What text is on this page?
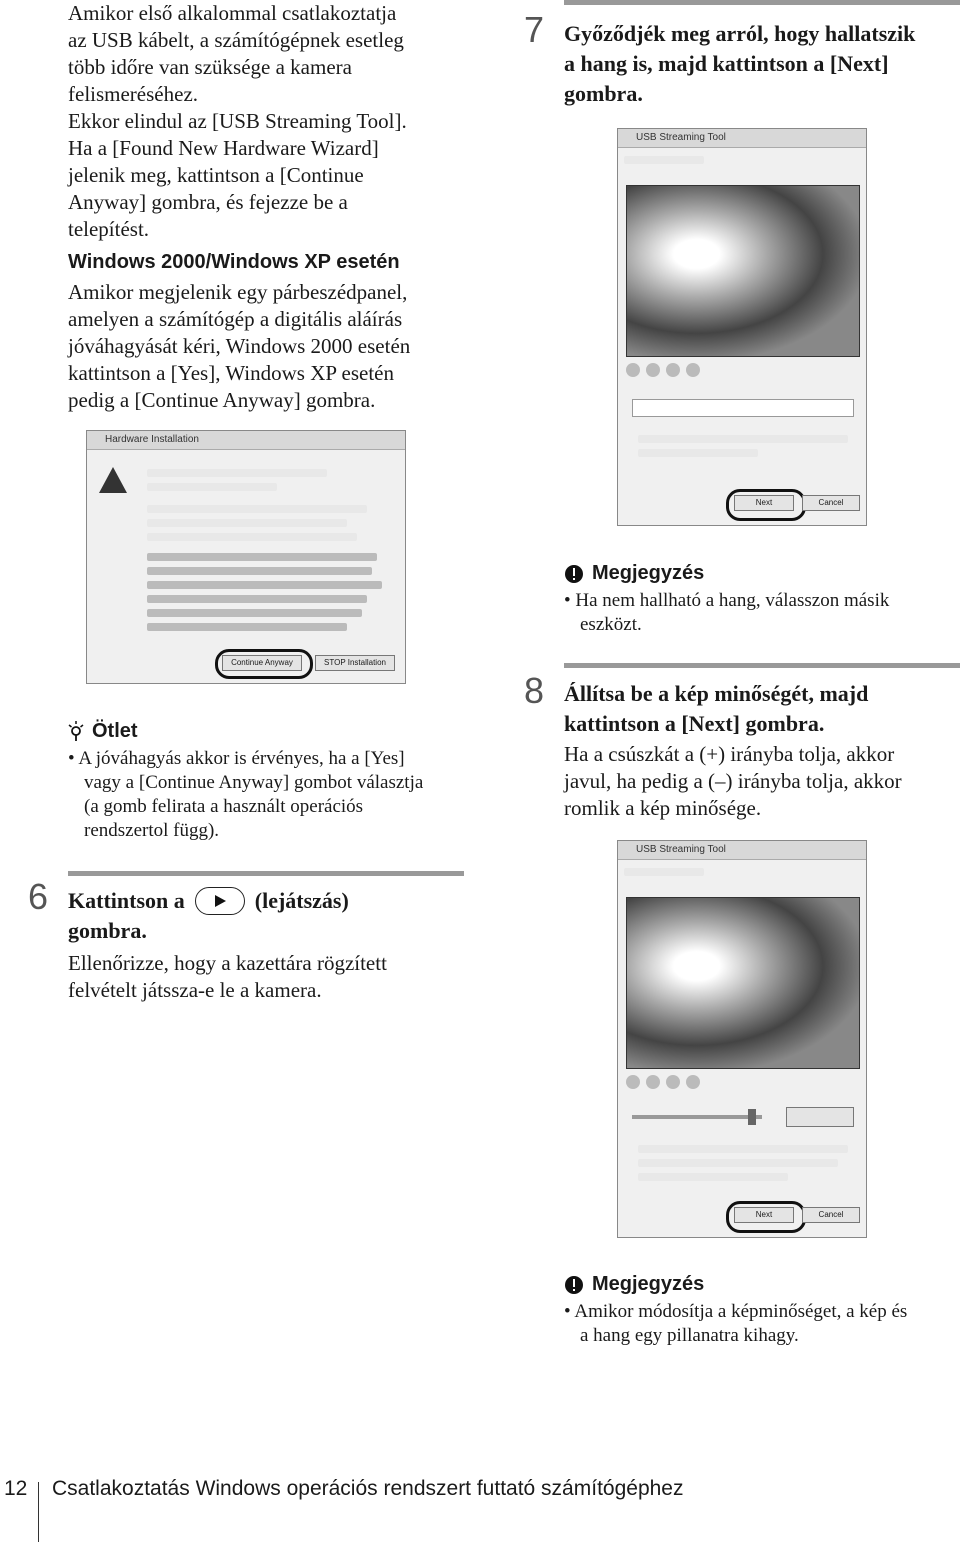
Amikor első alkalommal csatlakoztatja
az USB kábelt, a számítógépnek esetleg
több időre van szüksége a kamera
felismeréséhez.
Ekkor elindul az [USB Streaming Tool].
Ha a [Found New Hardware Wizard]
jelenik meg, kattintson a [Continue
Anyway] gombra, és fejezze be a
telepítést.
Windows 2000/Windows XP esetén
Amikor megjelenik egy párbeszédpanel,
amelyen a számítógép a digitális aláírás
jóváhagyását kéri, Windows 2000 esetén
kattintson a [Yes], Windows XP esetén
pedig a [Continue Anyway] gombra.
Hardware Installation
Continue Anyway	STOP Installation
Ötlet
• A jóváhagyás akkor is érvényes, ha a [Yes]
vagy a [Continue Anyway] gombot választja
(a gomb felirata a használt operációs
rendszertol függ).
6 Kattintson a	(lejátszás)
gombra.
Ellenőrizze, hogy a kazettára rögzített
felvételt játssza-e le a kamera.
7 Győződjék meg arról, hogy hallatszik
a hang is, majd kattintson a [Next]
gombra.
USB Streaming Tool
Next	Cancel
Megjegyzés
• Ha nem hallható a hang, válasszon másik
eszközt.
8 Állítsa be a kép minőségét, majd
kattintson a [Next] gombra.
Ha a csúszkát a (+) irányba tolja, akkor
javul, ha pedig a (–) irányba tolja, akkor
romlik a kép minősége.
USB Streaming Tool
Next	Cancel
Megjegyzés
• Amikor módosítja a képminőséget, a kép és
a hang egy pillanatra kihagy.
12 Csatlakoztatás Windows operációs rendszert futtató számítógéphez
